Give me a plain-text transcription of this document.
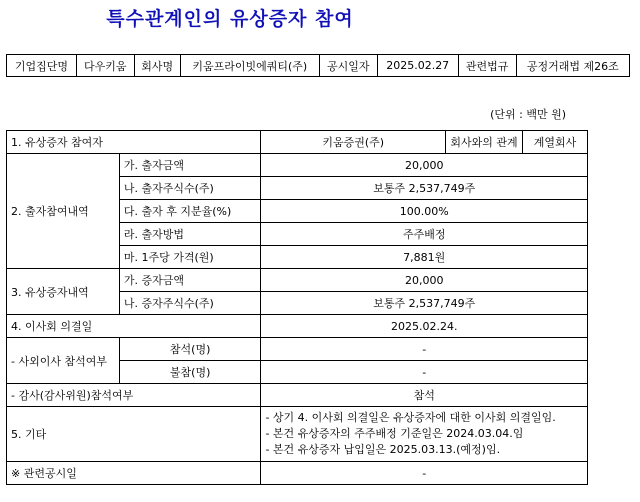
특수관계인의 유상증자 참여
기업집단명	다우키움	회사명	키움프라이빗에쿼티(주)	공시일자	2025.02.27	관련법규	공정거래법 제26조
(단위 : 백만 원)
1. 유상증자 참여자		키움증권(주)	회사와의 관계	계열회사
2. 출자참여내역	가. 출자금액	20,000		
	나. 출자주식수(주)	보통주 2,537,749주		
	다. 출자 후 지분율(%)	100.00%		
	라. 출자방법	주주배정		
	마. 1주당 가격(원)	7,881원		
3. 유상증자내역	가. 증자금액	20,000		
	나. 증자주식수(주)	보통주 2,537,749주		
4. 이사회 의결일		2025.02.24.		
- 사외이사 참석여부	참석(명)	-		
	불참(명)	-		
- 감사(감사위원)참석여부		참석		
5. 기타		- 상기 4. 이사회 의결일은 유상증자에 대한 이사회 의결일임.
- 본건 유상증자의 주주배정 기준일은 2024.03.04.임
- 본건 유상증자 납입일은 2025.03.13.(예정)임.		

※ 관련공시일		-		
